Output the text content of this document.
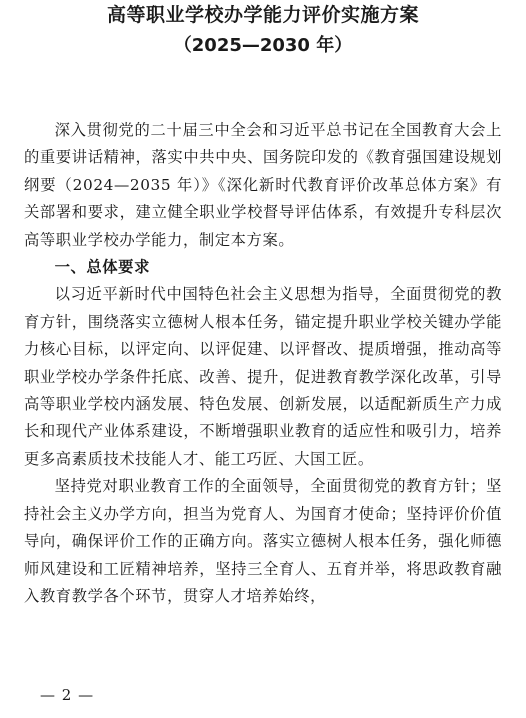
高等职业学校办学能力评价实施方案
（2025—2030 年）

深入贯彻党的二十届三中全会和习近平总书记在全国教育大会上的重要讲话精神，落实中共中央、国务院印发的《教育强国建设规划纲要（2024—2035 年）》《深化新时代教育评价改革总体方案》有关部署和要求，建立健全职业学校督导评估体系，有效提升专科层次高等职业学校办学能力，制定本方案。

一、总体要求

以习近平新时代中国特色社会主义思想为指导，全面贯彻党的教育方针，围绕落实立德树人根本任务，锚定提升职业学校关键办学能力核心目标，以评定向、以评促建、以评督改、提质增强，推动高等职业学校办学条件托底、改善、提升，促进教育教学深化改革，引导高等职业学校内涵发展、特色发展、创新发展，以适配新质生产力成长和现代产业体系建设，不断增强职业教育的适应性和吸引力，培养更多高素质技术技能人才、能工巧匠、大国工匠。

坚持党对职业教育工作的全面领导，全面贯彻党的教育方针；坚持社会主义办学方向，担当为党育人、为国育才使命；坚持评价价值导向，确保评价工作的正确方向。落实立德树人根本任务，强化师德师风建设和工匠精神培养，坚持三全育人、五育并举，将思政教育融入教育教学各个环节，贯穿人才培养始终，

— 2 —
